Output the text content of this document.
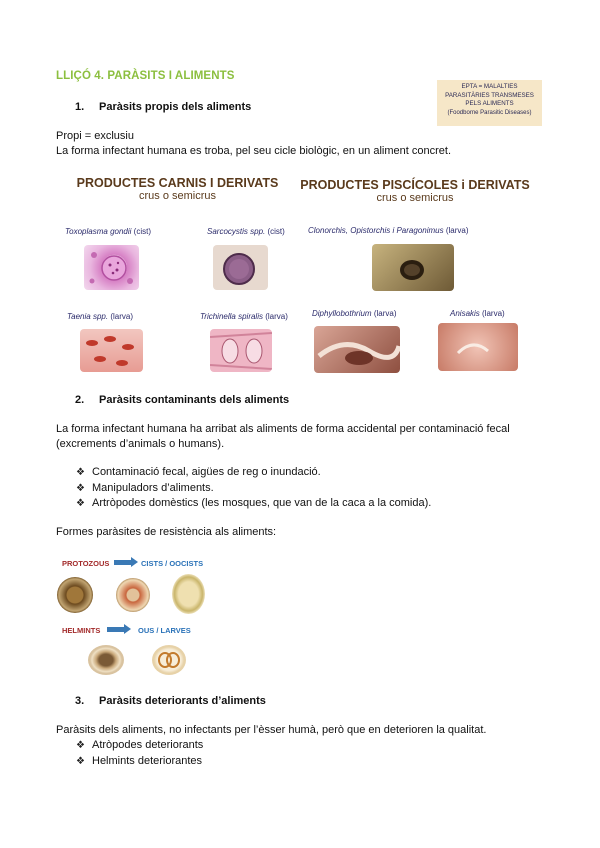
LLIÇÓ 4. PARÀSITS I ALIMENTS
EPTA = MALALTIES
PARASITÀRIES TRANSMESES
PELS ALIMENTS
(Foodborne Parasitic Diseases)
1. Paràsits propis dels aliments
Propi = exclusiu
La forma infectant humana es troba, pel seu cicle biològic, en un aliment concret.
PRODUCTES CARNIS I DERIVATS
crus o semicrus
PRODUCTES PISCÍCOLES i DERIVATS
crus o semicrus
Toxoplasma gondii (cist)	Sarcocystis spp. (cist)	Clonorchis, Opistorchis i Paragonimus (larva)
Taenia spp. (larva)	Trichinella spiralis (larva)	Diphyllobothrium (larva)	Anisakis (larva)
2. Paràsits contaminants dels aliments
La forma infectant humana ha arribat als aliments de forma accidental per contaminació fecal (excrements d’animals o humans).
❖ Contaminació fecal, aigües de reg o inundació.
❖ Manipuladors d’aliments.
❖ Artròpodes domèstics (les mosques, que van de la caca a la comida).
Formes paràsites de resistència als aliments:
PROTOZOUS	CISTS / OOCISTS
HELMINTS	OUS / LARVES
3. Paràsits deteriorants d’aliments
Paràsits dels aliments, no infectants per l’èsser humà, però que en deterioren la qualitat.
❖ Atròpodes deteriorants
❖ Helmints deteriorantes
